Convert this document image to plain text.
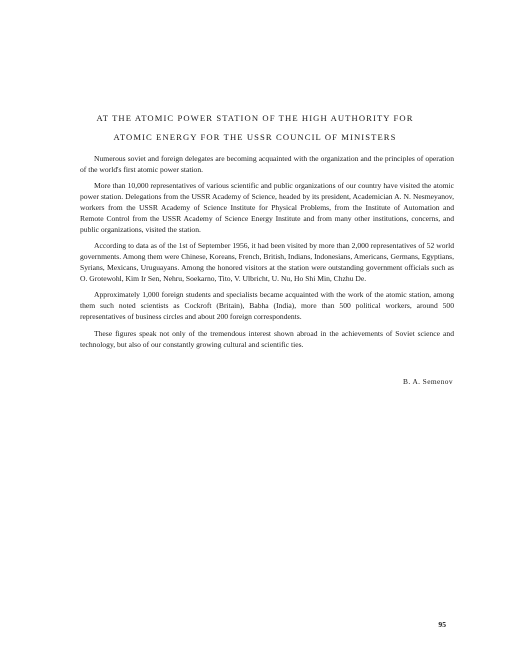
AT THE ATOMIC POWER STATION OF THE HIGH AUTHORITY FOR
ATOMIC ENERGY FOR THE USSR COUNCIL OF MINISTERS

Numerous soviet and foreign delegates are becoming acquainted with the organization and the principles of operation of the world's first atomic power station.

More than 10,000 representatives of various scientific and public organizations of our country have visited the atomic power station. Delegations from the USSR Academy of Science, headed by its president, Academician A. N. Nesmeyanov, workers from the USSR Academy of Science Institute for Physical Problems, from the Institute of Automation and Remote Control from the USSR Academy of Science Energy Institute and from many other institutions, concerns, and public organizations, visited the station.

According to data as of the 1st of September 1956, it had been visited by more than 2,000 representatives of 52 world governments. Among them were Chinese, Koreans, French, British, Indians, Indonesians, Americans, Germans, Egyptians, Syrians, Mexicans, Uruguayans. Among the honored visitors at the station were outstanding government officials such as O. Grotewohl, Kim Ir Sen, Nehru, Soekarno, Tito, V. Ulbricht, U. Nu, Ho Shi Min, Chzhu De.

Approximately 1,000 foreign students and specialists became acquainted with the work of the atomic station, among them such noted scientists as Cockroft (Britain), Babha (India), more than 500 political workers, around 500 representatives of business circles and about 200 foreign correspondents.

These figures speak not only of the tremendous interest shown abroad in the achievements of Soviet science and technology, but also of our constantly growing cultural and scientific ties.

B. A. Semenov
95
